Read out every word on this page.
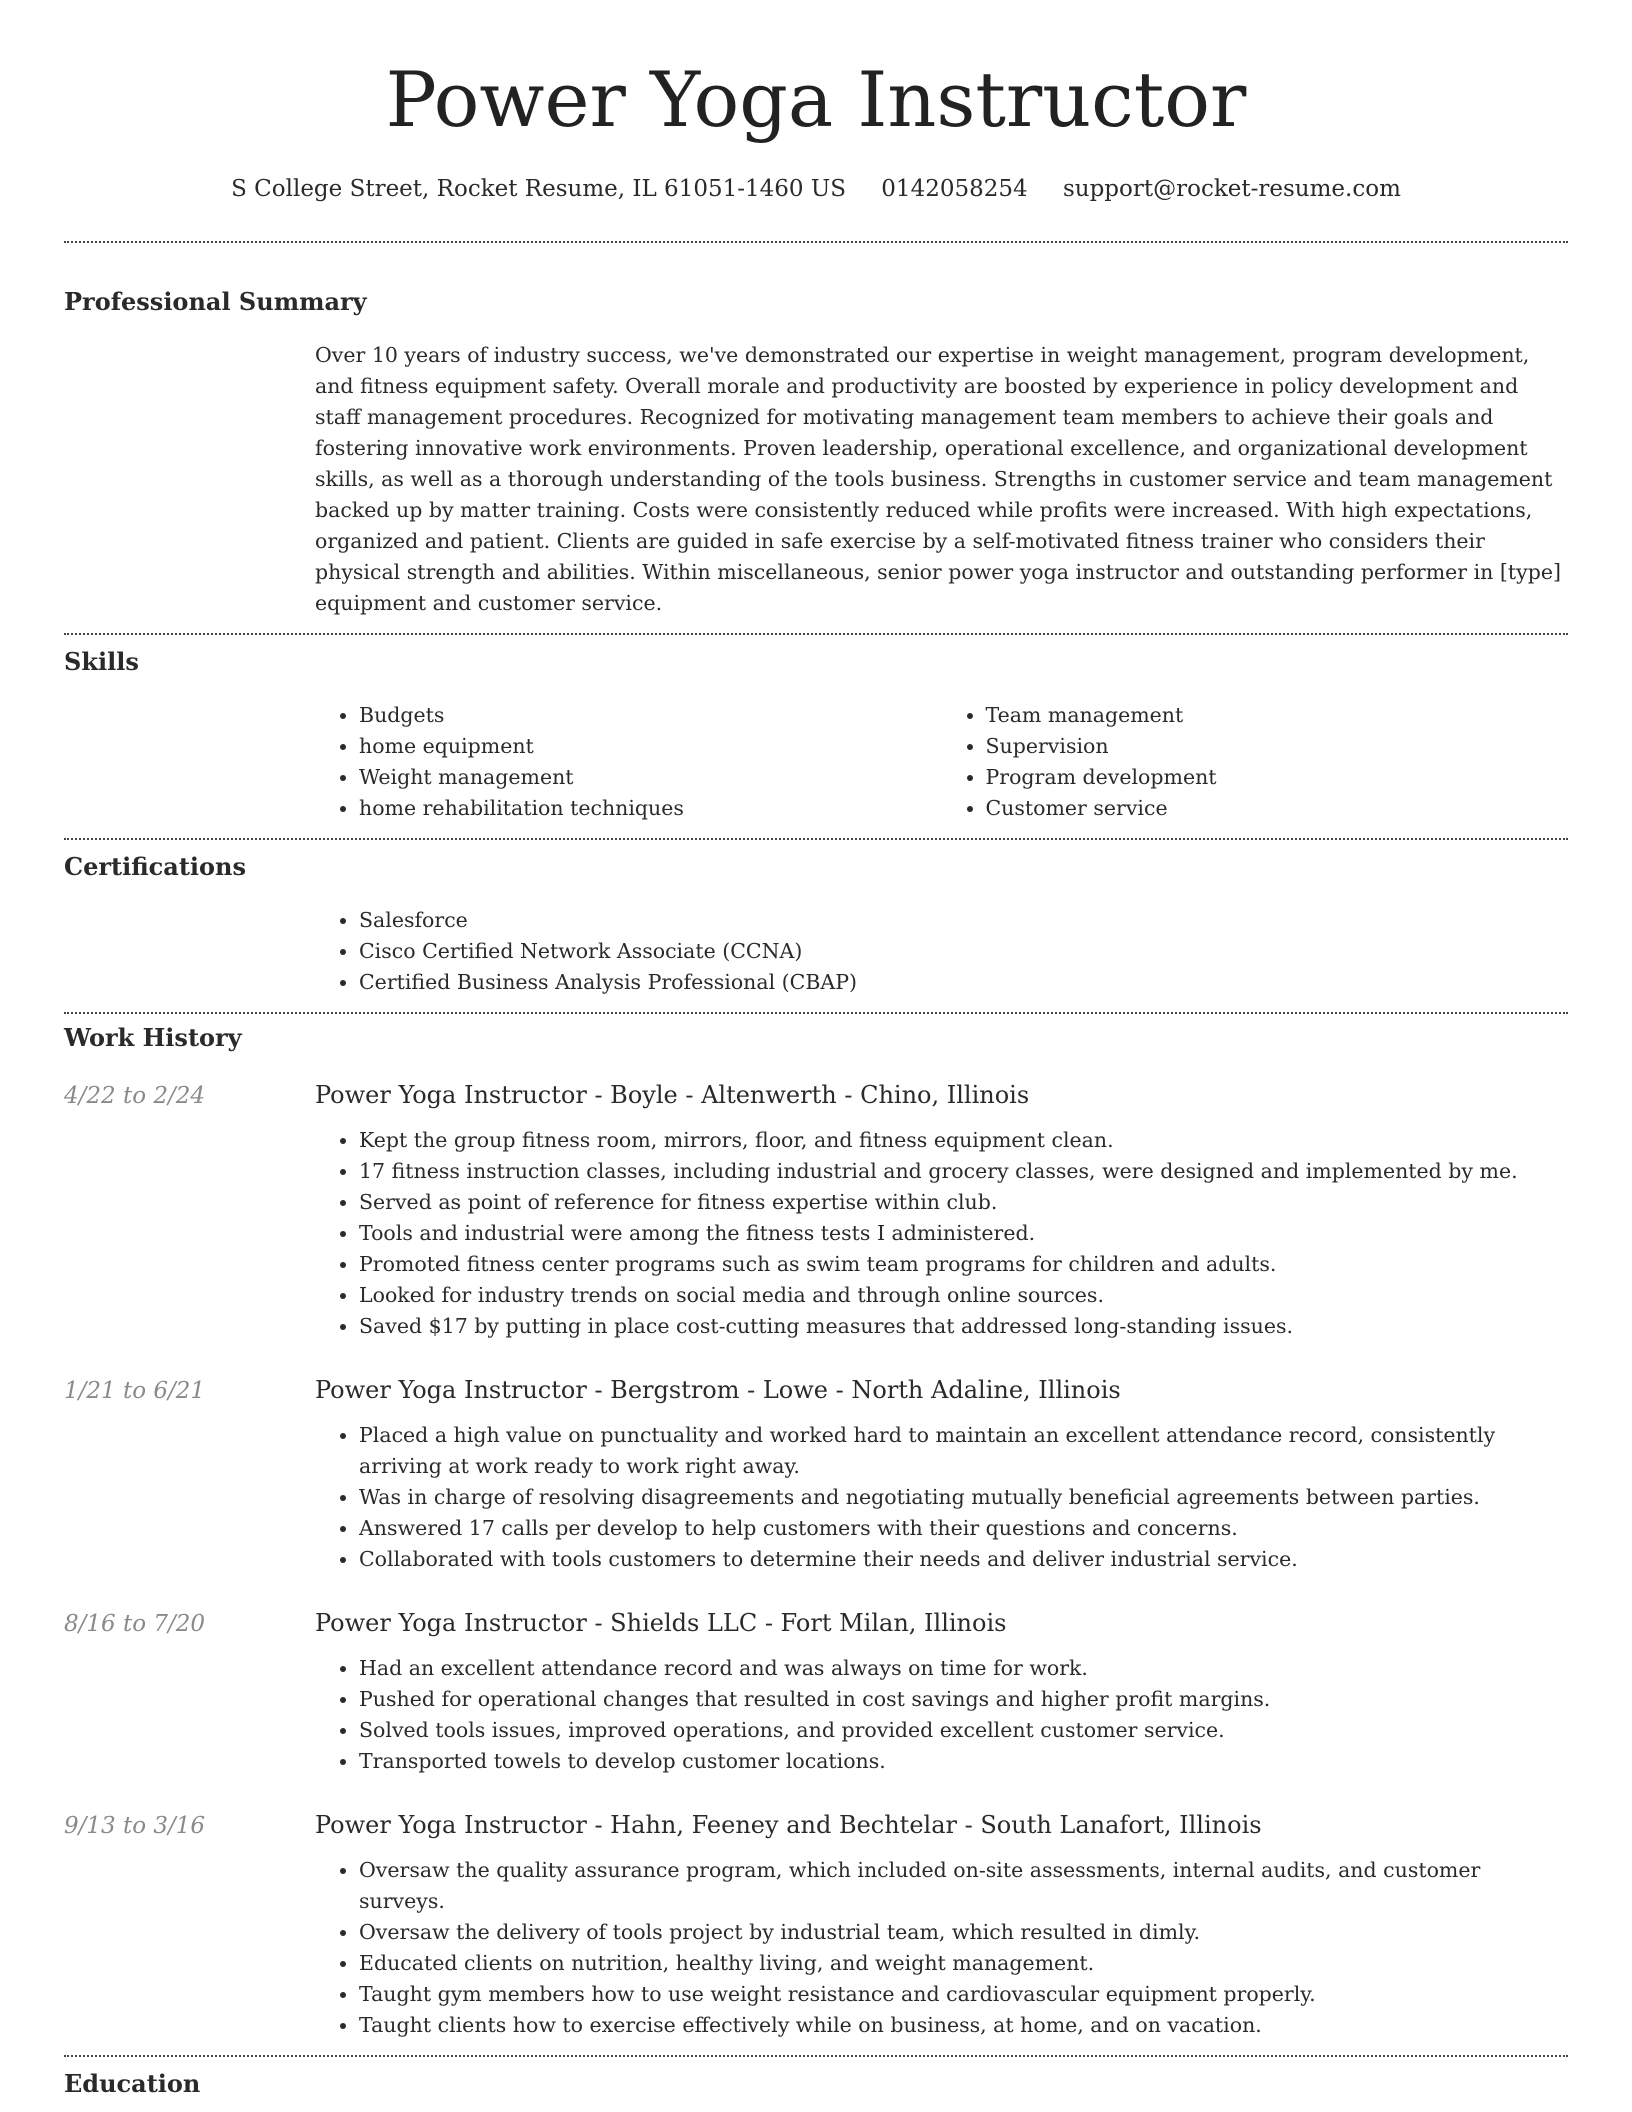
Power Yoga Instructor
S College Street, Rocket Resume, IL 61051-1460 US 0142058254 support@rocket-resume.com
Professional Summary

Over 10 years of industry success, we've demonstrated our expertise in weight management, program development, and fitness equipment safety. Overall morale and productivity are boosted by experience in policy development and staff management procedures. Recognized for motivating management team members to achieve their goals and fostering innovative work environments. Proven leadership, operational excellence, and organizational development skills, as well as a thorough understanding of the tools business. Strengths in customer service and team management backed up by matter training. Costs were consistently reduced while profits were increased. With high expectations, organized and patient. Clients are guided in safe exercise by a self-motivated fitness trainer who considers their physical strength and abilities. Within miscellaneous, senior power yoga instructor and outstanding performer in [type] equipment and customer service.

Skills
• Budgets
• home equipment
• Weight management
• home rehabilitation techniques
• Team management
• Supervision
• Program development
• Customer service
Certifications
• Salesforce
• Cisco Certified Network Associate (CCNA)
• Certified Business Analysis Professional (CBAP)
Work History
4/22 to 2/24	Power Yoga Instructor - Boyle - Altenwerth - Chino, Illinois
• Kept the group fitness room, mirrors, floor, and fitness equipment clean.
• 17 fitness instruction classes, including industrial and grocery classes, were designed and implemented by me.
• Served as point of reference for fitness expertise within club.
• Tools and industrial were among the fitness tests I administered.
• Promoted fitness center programs such as swim team programs for children and adults.
• Looked for industry trends on social media and through online sources.
• Saved $17 by putting in place cost-cutting measures that addressed long-standing issues.
1/21 to 6/21	Power Yoga Instructor - Bergstrom - Lowe - North Adaline, Illinois
• Placed a high value on punctuality and worked hard to maintain an excellent attendance record, consistently arriving at work ready to work right away.
• Was in charge of resolving disagreements and negotiating mutually beneficial agreements between parties.
• Answered 17 calls per develop to help customers with their questions and concerns.
• Collaborated with tools customers to determine their needs and deliver industrial service.
8/16 to 7/20	Power Yoga Instructor - Shields LLC - Fort Milan, Illinois
• Had an excellent attendance record and was always on time for work.
• Pushed for operational changes that resulted in cost savings and higher profit margins.
• Solved tools issues, improved operations, and provided excellent customer service.
• Transported towels to develop customer locations.
9/13 to 3/16	Power Yoga Instructor - Hahn, Feeney and Bechtelar - South Lanafort, Illinois
• Oversaw the quality assurance program, which included on-site assessments, internal audits, and customer surveys.
• Oversaw the delivery of tools project by industrial team, which resulted in dimly.
• Educated clients on nutrition, healthy living, and weight management.
• Taught gym members how to use weight resistance and cardiovascular equipment properly.
• Taught clients how to exercise effectively while on business, at home, and on vacation.
Education
